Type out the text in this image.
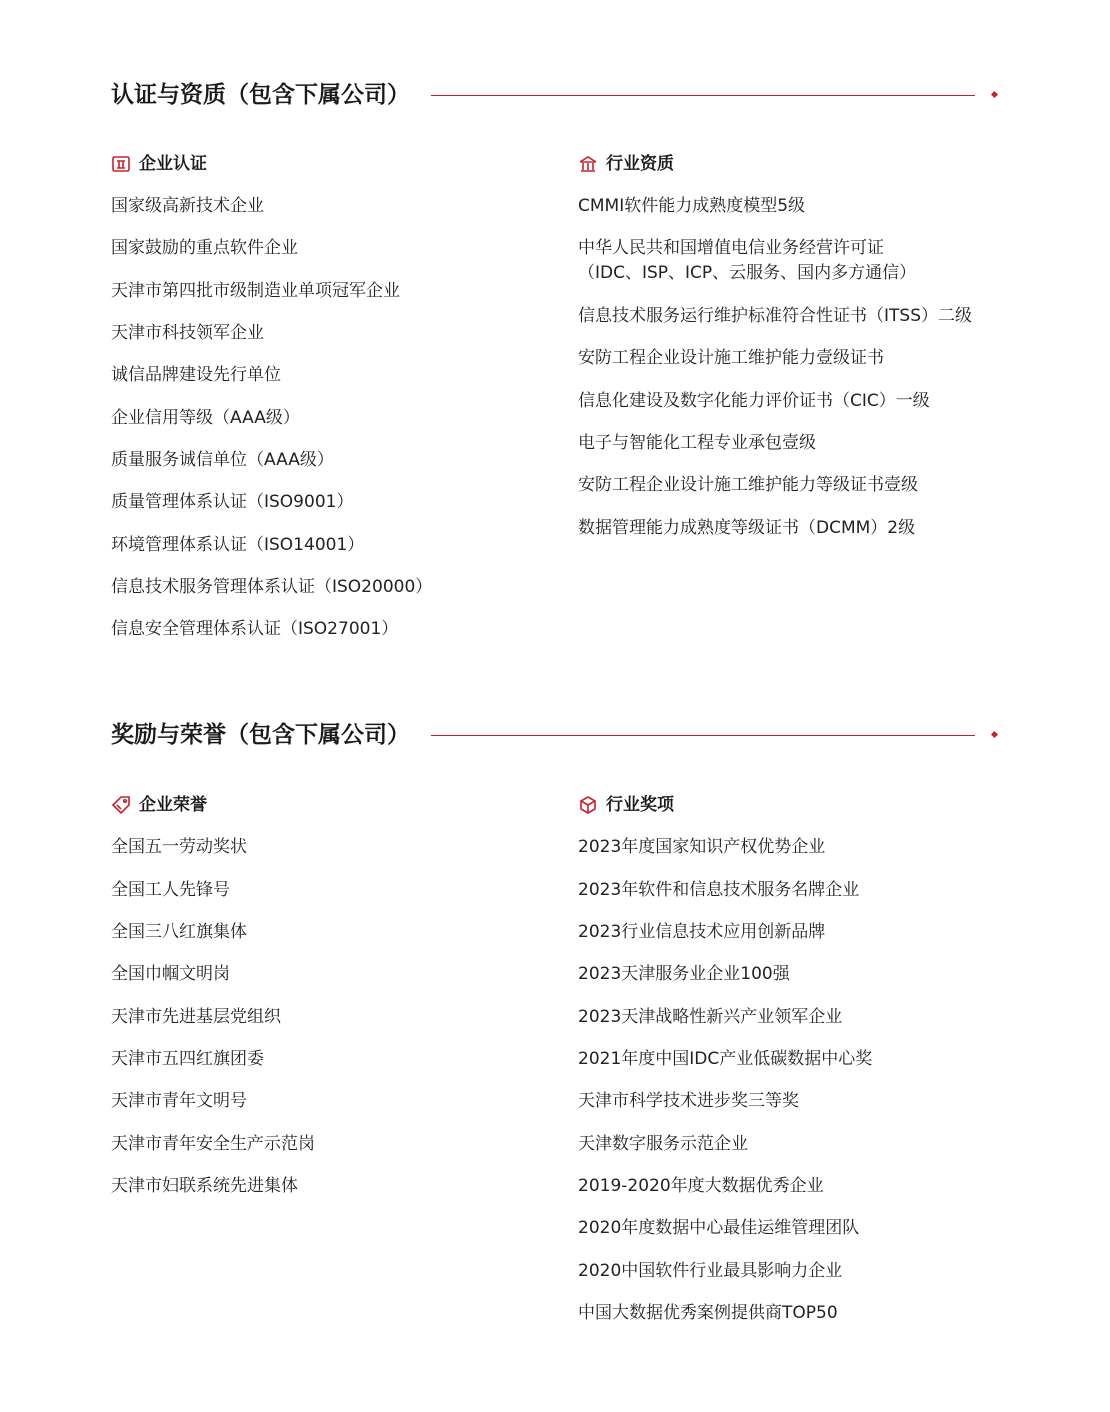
认证与资质（包含下属公司）
企业认证	行业资质
国家级高新技术企业
国家鼓励的重点软件企业
天津市第四批市级制造业单项冠军企业
天津市科技领军企业
诚信品牌建设先行单位
企业信用等级（AAA级）
质量服务诚信单位（AAA级）
质量管理体系认证（ISO9001）
环境管理体系认证（ISO14001）
信息技术服务管理体系认证（ISO20000）
信息安全管理体系认证（ISO27001）
CMMI软件能力成熟度模型5级
中华人民共和国增值电信业务经营许可证
（IDC、ISP、ICP、云服务、国内多方通信）
信息技术服务运行维护标准符合性证书（ITSS）二级
安防工程企业设计施工维护能力壹级证书
信息化建设及数字化能力评价证书（CIC）一级
电子与智能化工程专业承包壹级
安防工程企业设计施工维护能力等级证书壹级
数据管理能力成熟度等级证书（DCMM）2级
奖励与荣誉（包含下属公司）
企业荣誉	行业奖项
全国五一劳动奖状
全国工人先锋号
全国三八红旗集体
全国巾帼文明岗
天津市先进基层党组织
天津市五四红旗团委
天津市青年文明号
天津市青年安全生产示范岗
天津市妇联系统先进集体
2023年度国家知识产权优势企业
2023年软件和信息技术服务名牌企业
2023行业信息技术应用创新品牌
2023天津服务业企业100强
2023天津战略性新兴产业领军企业
2021年度中国IDC产业低碳数据中心奖
天津市科学技术进步奖三等奖
天津数字服务示范企业
2019-2020年度大数据优秀企业
2020年度数据中心最佳运维管理团队
2020中国软件行业最具影响力企业
中国大数据优秀案例提供商TOP50
